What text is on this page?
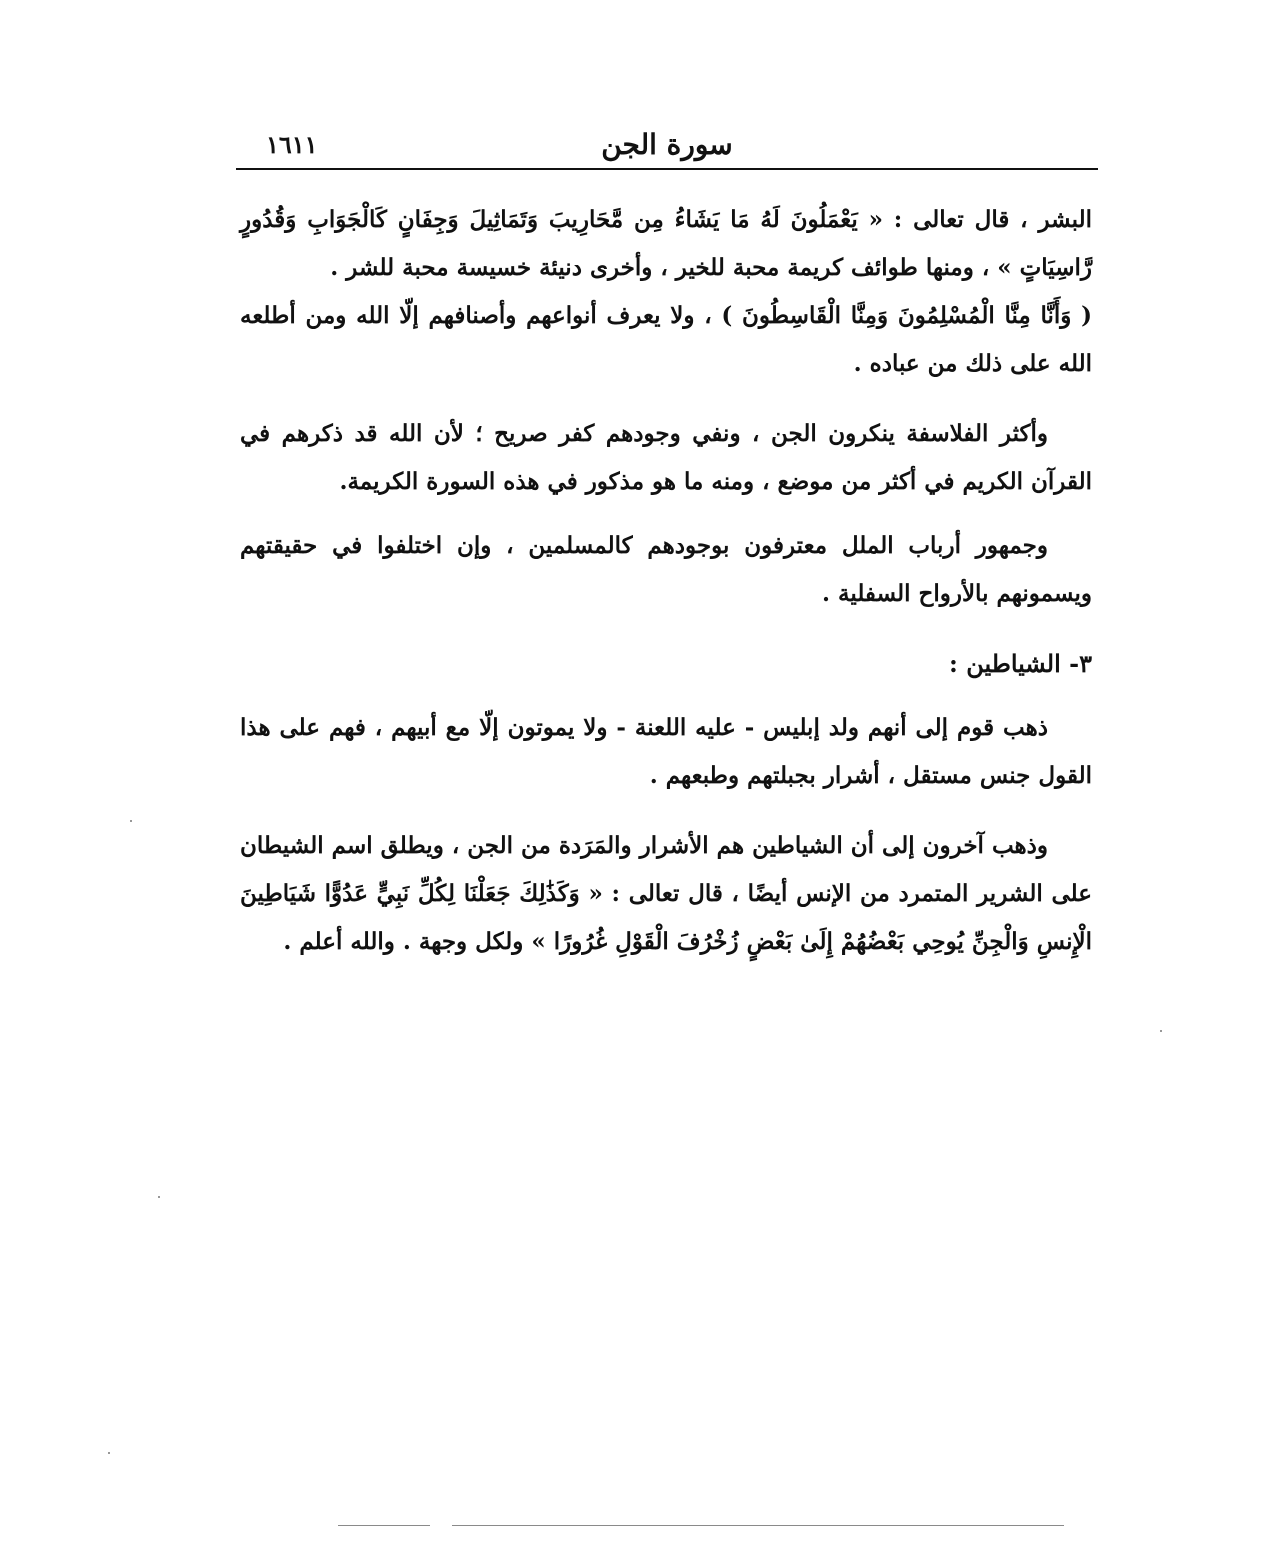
١٦١١	سورة الجن

البشر ، قال تعالى : « يَعْمَلُونَ لَهُ مَا يَشَاءُ مِن مَّحَارِيبَ وَتَمَاثِيلَ وَجِفَانٍ كَالْجَوَابِ وَقُدُورٍ رَّاسِيَاتٍ » ، ومنها طوائف كريمة محبة للخير ، وأخرى دنيئة خسيسة محبة للشر .

( وَأَنَّا مِنَّا الْمُسْلِمُونَ وَمِنَّا الْقَاسِطُونَ ) ، ولا يعرف أنواعهم وأصنافهم إلّا الله ومن أطلعه الله على ذلك من عباده .

وأكثر الفلاسفة ينكرون الجن ، ونفي وجودهم كفر صريح ؛ لأن الله قد ذكرهم في القرآن الكريم في أكثر من موضع ، ومنه ما هو مذكور في هذه السورة الكريمة.

وجمهور أرباب الملل معترفون بوجودهم كالمسلمين ، وإن اختلفوا في حقيقتهم ويسمونهم بالأرواح السفلية .

٣- الشياطين :

ذهب قوم إلى أنهم ولد إبليس - عليه اللعنة - ولا يموتون إلّا مع أبيهم ، فهم على هذا القول جنس مستقل ، أشرار بجبلتهم وطبعهم .

وذهب آخرون إلى أن الشياطين هم الأشرار والمَرَدة من الجن ، ويطلق اسم الشيطان على الشرير المتمرد من الإنس أيضًا ، قال تعالى : « وَكَذَٰلِكَ جَعَلْنَا لِكُلِّ نَبِيٍّ عَدُوًّا شَيَاطِينَ الْإِنسِ وَالْجِنِّ يُوحِي بَعْضُهُمْ إِلَىٰ بَعْضٍ زُخْرُفَ الْقَوْلِ غُرُورًا » ولكل وجهة . والله أعلم .
